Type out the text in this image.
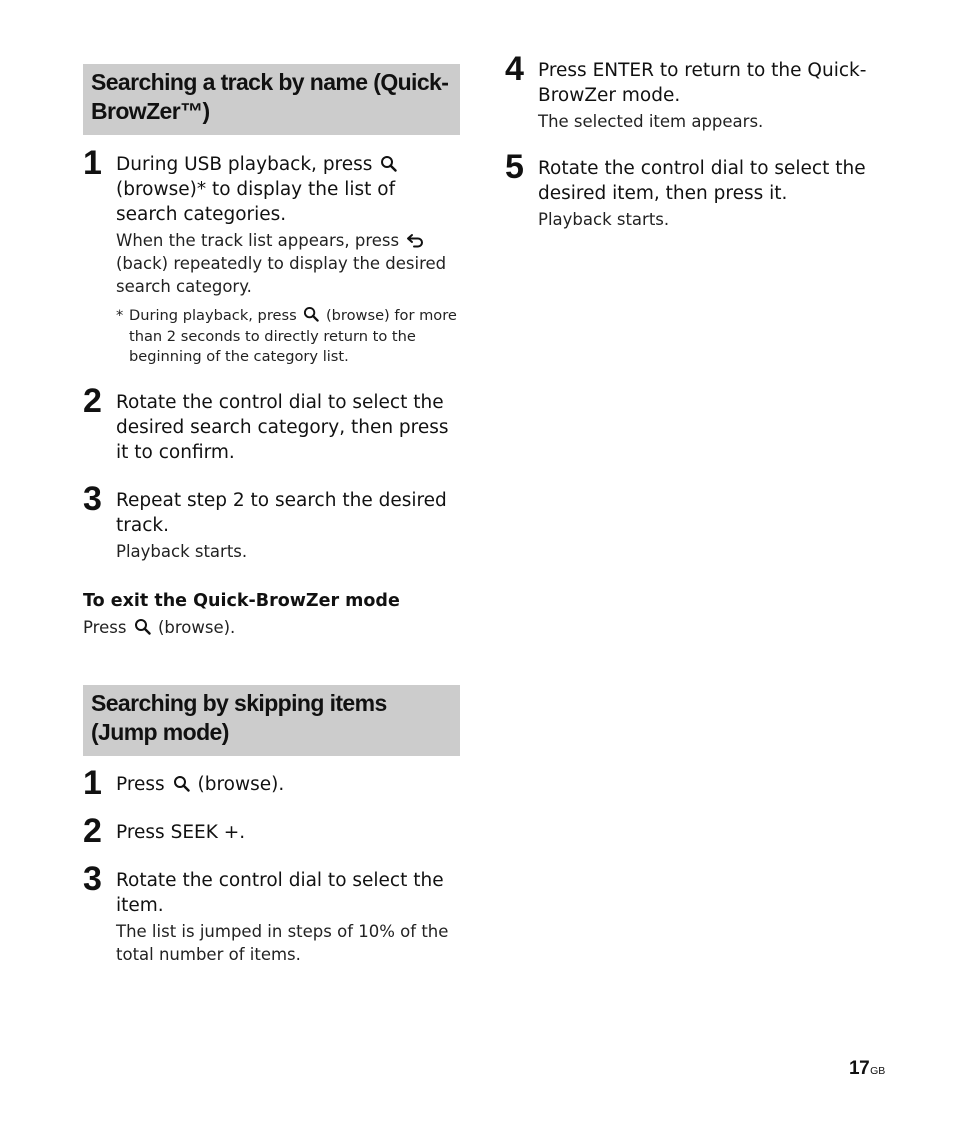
Searching a track by name (Quick-BrowZer™)
1 During USB playback, press  (browse)* to display the list of search categories.
When the track list appears, press  (back) repeatedly to display the desired search category.
* During playback, press (browse) for more than 2 seconds to directly return to the beginning of the category list.
2 Rotate the control dial to select the desired search category, then press it to confirm.
3 Repeat step 2 to search the desired track.
Playback starts.
To exit the Quick-BrowZer mode
Press (browse).
Searching by skipping items (Jump mode)
1 Press (browse).
2 Press SEEK +.
3 Rotate the control dial to select the item.
The list is jumped in steps of 10% of the total number of items.
4 Press ENTER to return to the Quick-BrowZer mode.
The selected item appears.
5 Rotate the control dial to select the desired item, then press it.
Playback starts.
17GB
